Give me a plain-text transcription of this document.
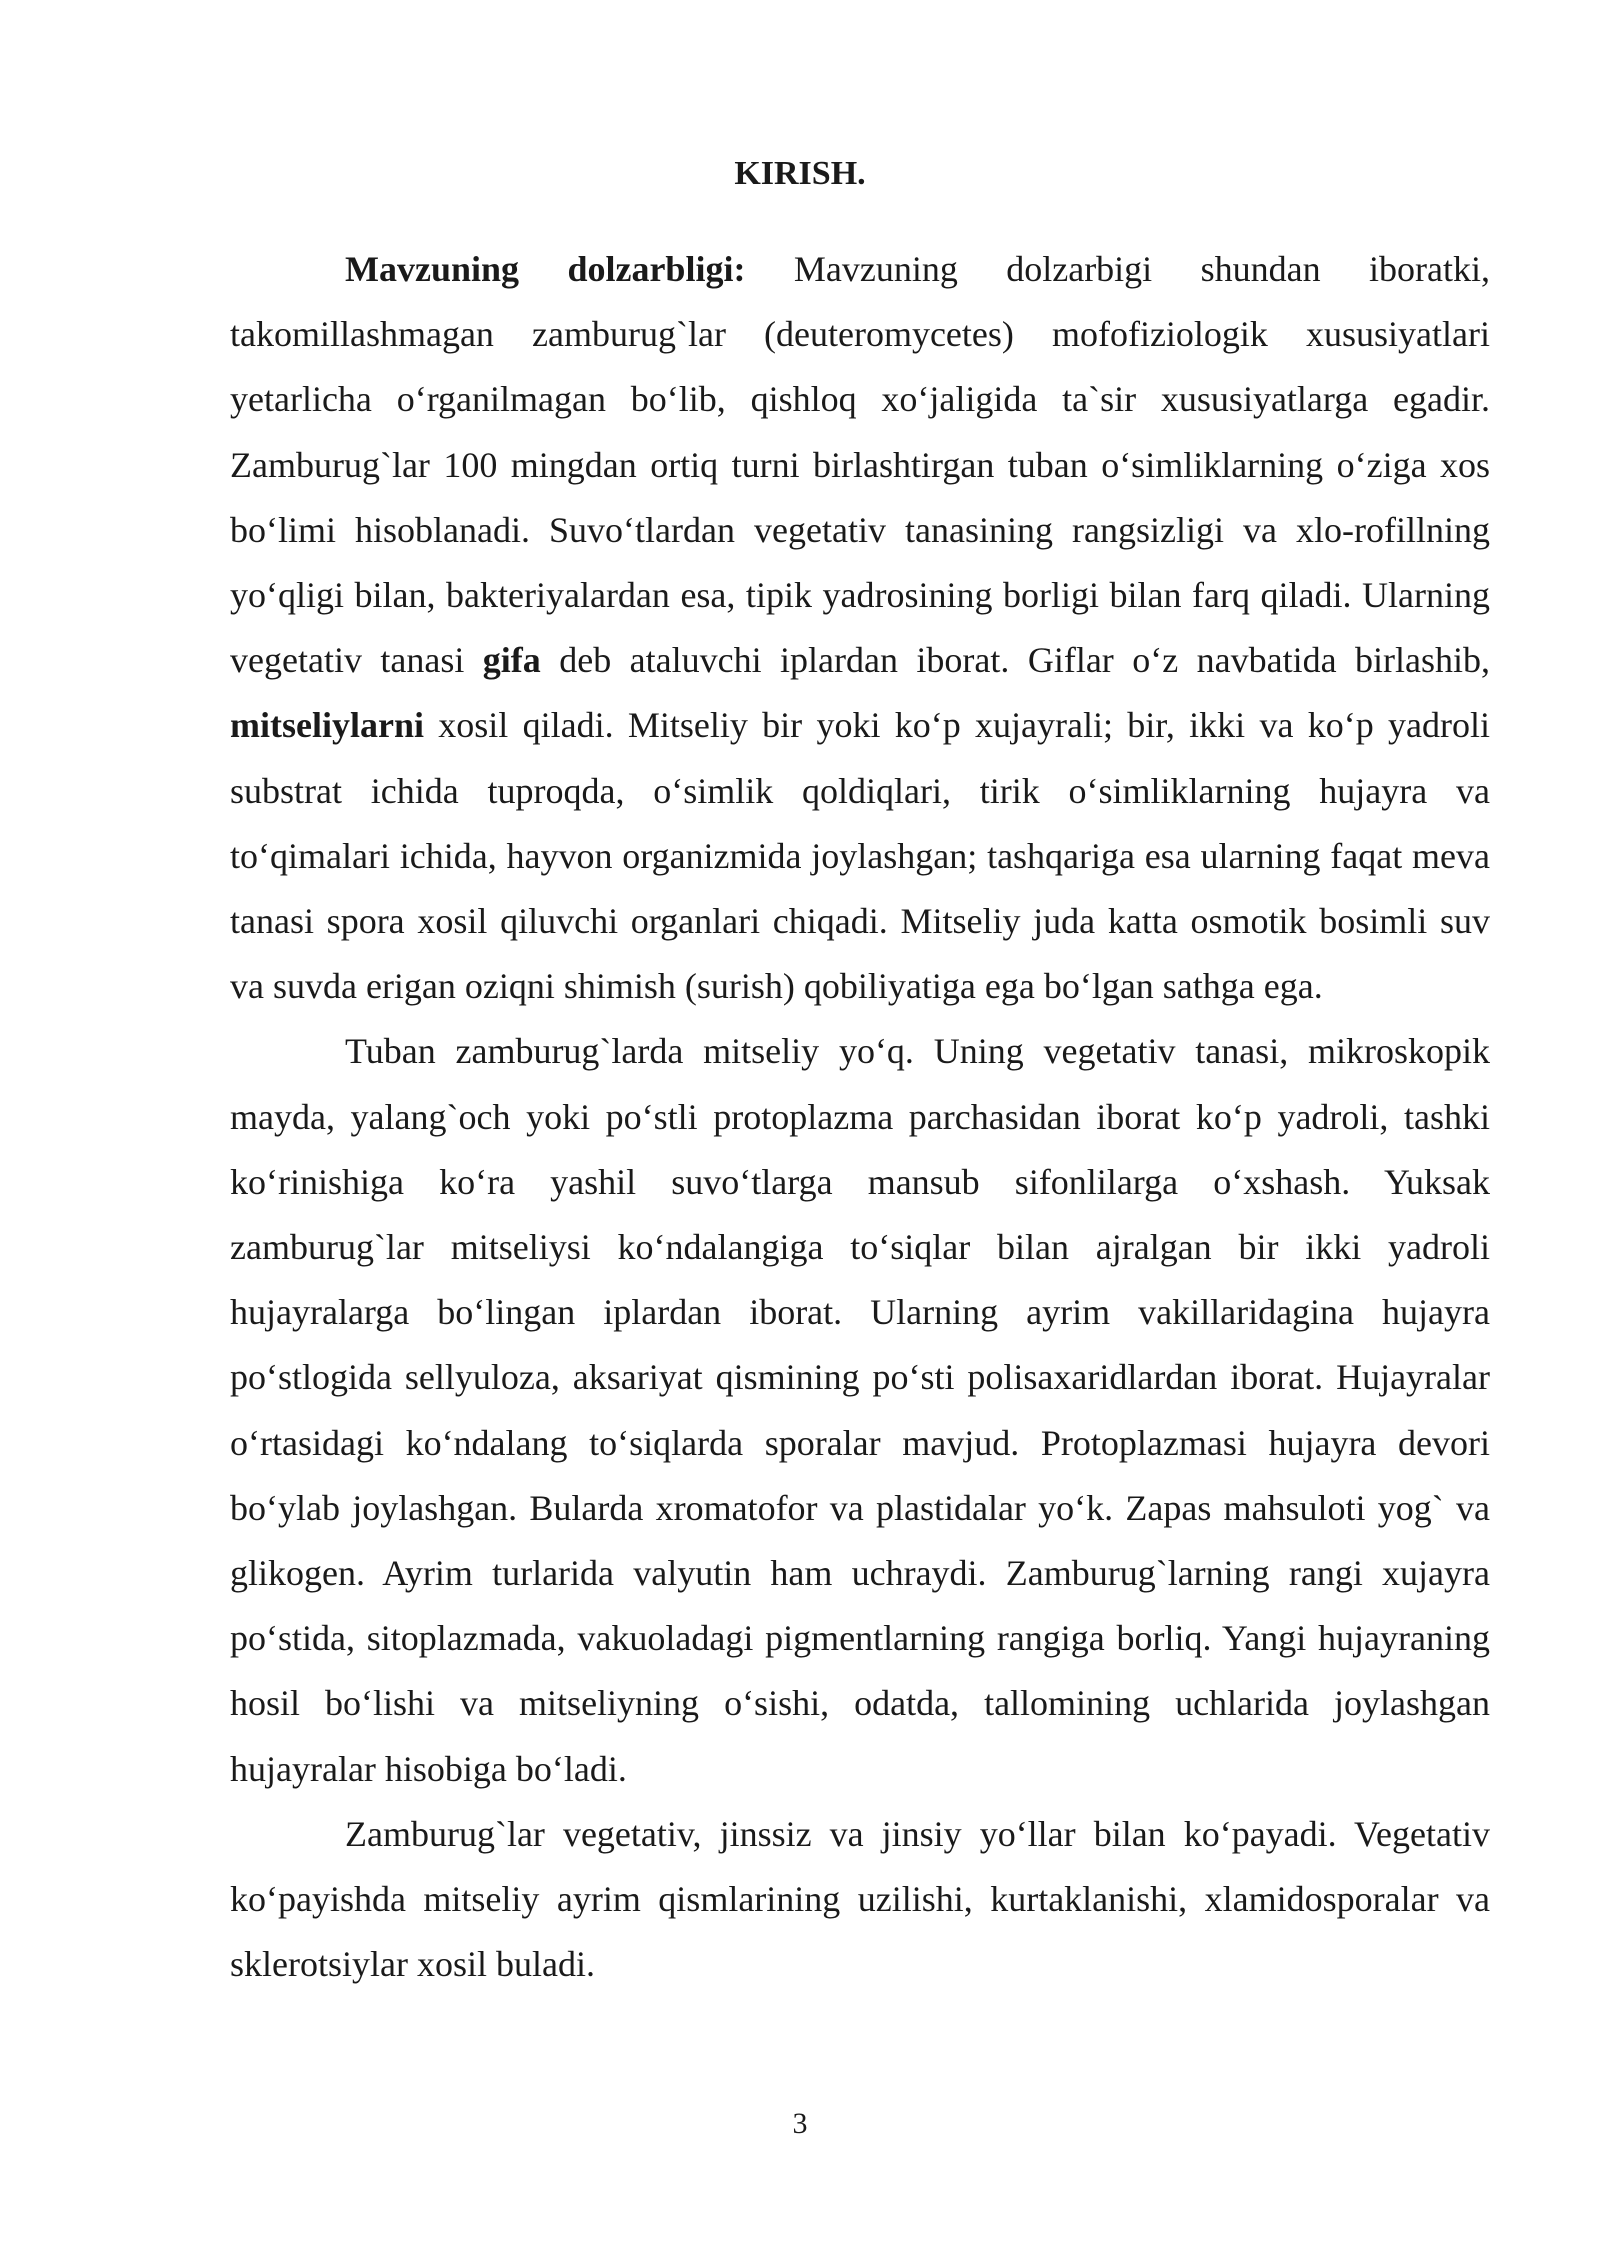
KIRISH.

Mavzuning dolzarbligi: Mavzuning dolzarbigi shundan iboratki, takomillashmagan zamburug`lar (deuteromycetes) mofofiziologik xususiyatlari yetarlicha o‘rganilmagan bo‘lib, qishloq xo‘jaligida ta`sir xususiyatlarga egadir. Zamburug`lar 100 mingdan ortiq turni birlashtirgan tuban o‘simliklarning o‘ziga xos bo‘limi hisoblanadi. Suvo‘tlardan vegetativ tanasining rangsizligi va xlo-rofillning yo‘qligi bilan, bakteriyalardan esa, tipik yadrosining borligi bilan farq qiladi. Ularning vegetativ tanasi gifa deb ataluvchi iplardan iborat. Giflar o‘z navbatida birlashib, mitseliylarni xosil qiladi. Mitseliy bir yoki ko‘p xujayrali; bir, ikki va ko‘p yadroli substrat ichida tuproqda, o‘simlik qoldiqlari, tirik o‘simliklarning hujayra va to‘qimalari ichida, hayvon organizmida joylashgan; tashqariga esa ularning faqat meva tanasi spora xosil qiluvchi organlari chiqadi. Mitseliy juda katta osmotik bosimli suv va suvda erigan oziqni shimish (surish) qobiliyatiga ega bo‘lgan sathga ega.

Tuban zamburug`larda mitseliy yo‘q. Uning vegetativ tanasi, mikroskopik mayda, yalang`och yoki po‘stli protoplazma parchasidan iborat ko‘p yadroli, tashki ko‘rinishiga ko‘ra yashil suvo‘tlarga mansub sifonlilarga o‘xshash. Yuksak zamburug`lar mitseliysi ko‘ndalangiga to‘siqlar bilan ajralgan bir ikki yadroli hujayralarga bo‘lingan iplardan iborat. Ularning ayrim vakillaridagina hujayra po‘stlogida sellyuloza, aksariyat qismining po‘sti polisaxaridlardan iborat. Hujayralar o‘rtasidagi ko‘ndalang to‘siqlarda sporalar mavjud. Protoplazmasi hujayra devori bo‘ylab joylashgan. Bularda xromatofor va plastidalar yo‘k. Zapas mahsuloti yog` va glikogen. Ayrim turlarida valyutin ham uchraydi. Zamburug`larning rangi xujayra po‘stida, sitoplazmada, vakuoladagi pigmentlarning rangiga borliq. Yangi hujayraning hosil bo‘lishi va mitseliyning o‘sishi, odatda, tallomining uchlarida joylashgan hujayralar hisobiga bo‘ladi.

Zamburug`lar vegetativ, jinssiz va jinsiy yo‘llar bilan ko‘payadi. Vegetativ ko‘payishda mitseliy ayrim qismlarining uzilishi, kurtaklanishi, xlamidosporalar va sklerotsiylar xosil buladi.

3
